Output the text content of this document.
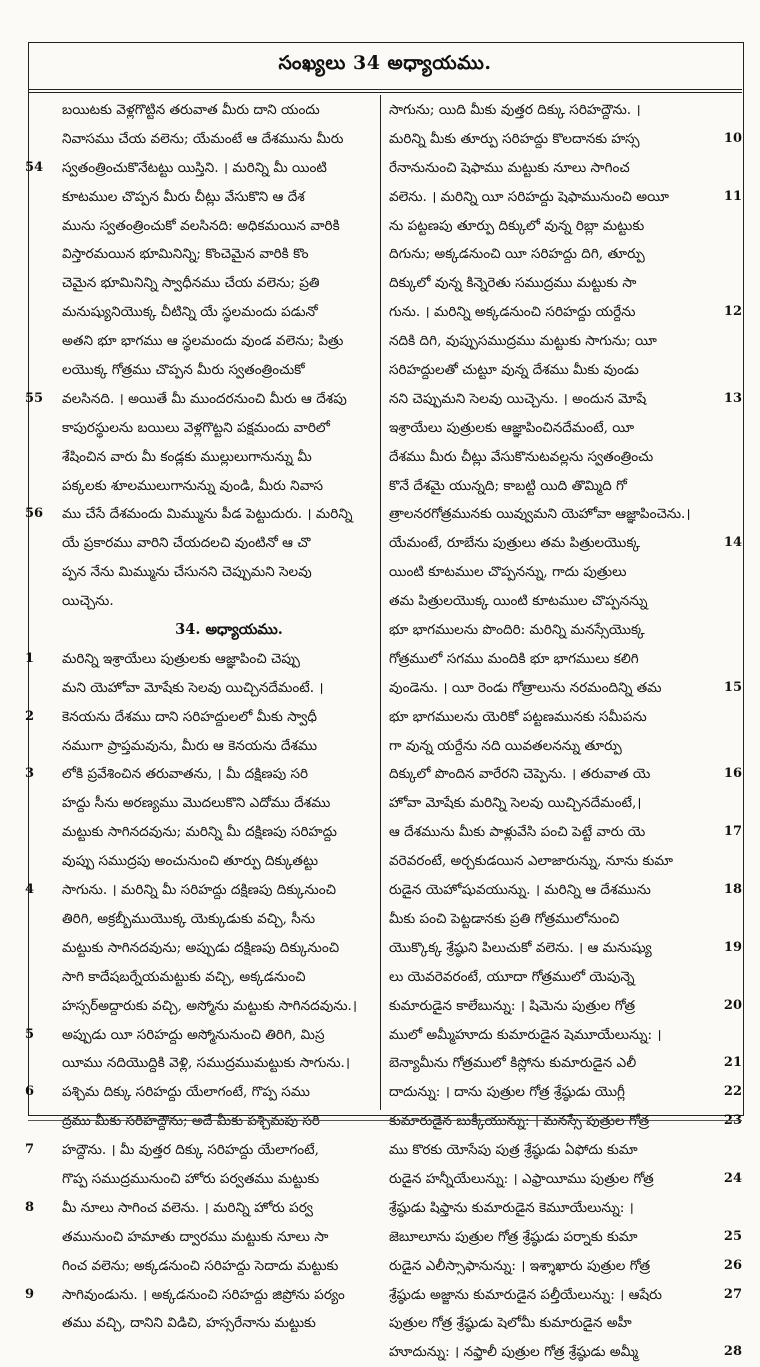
సంఖ్యలు 34 అధ్యాయము.
బయిటకు వెళ్లగొట్టిన తరువాత మీరు దాని యందు
నివాసము చేయ వలెను; యేమంటే ఆ దేశమును మీరు
54	స్వతంత్రించుకొనేటట్టు యిస్తిని. । మరిన్ని మీ యింటి
కూటముల చొప్పన మీరు చీట్లు వేసుకొని ఆ దేశ
మును స్వతంత్రించుకో వలసినది: అధికమయిన వారికి
విస్తారమయిన భూమినిన్ని; కొంచెమైన వారికి కొం
చెమైన భూమినిన్ని స్వాధీనము చేయ వలెను; ప్రతి
మనుష్యునియొక్క చీటిన్ని యే స్థలమందు పడునో
అతని భూ భాగము ఆ స్థలమందు వుండ వలెను; పిత్రు
లయొక్క గోత్రము చొప్పన మీరు స్వతంత్రించుకో
55	వలసినది. । అయితే మీ ముందరనుంచి మీరు ఆ దేశపు
కాపురస్థులను బయిలు వెళ్లగొట్టని పక్షమందు వారిలో
శేషించిన వారు మీ కండ్లకు ముల్లులుగానున్ను మీ
పక్కలకు శూలములుగానున్ను వుండి, మీరు నివాస
56	ము చేసే దేశమందు మిమ్మును పీడ పెట్టుదురు. । మరిన్ని
యే ప్రకారము వారిని చేయదలచి వుంటినో ఆ చొ
ప్పన నేను మిమ్మును చేసునని చెప్పుమని సెలవు
యిచ్చెను.
34. అధ్యాయము.
1	మరిన్ని ఇశ్రాయేలు పుత్రులకు ఆజ్ఞాపించి చెప్పు
మని యెహోవా మోషేకు సెలవు యిచ్చినదేమంటే. ।
2	కెనయను దేశము దాని సరిహద్దులలో మీకు స్వాధీ
నముగా ప్రాప్తమవును, మీరు ఆ కెనయను దేశము
3	లోకి ప్రవేశించిన తరువాతను, । మీ దక్షిణపు సరి
హద్దు సీను అరణ్యము మొదలుకొని ఎదోము దేశము
మట్టుకు సాగినదవును; మరిన్ని మీ దక్షిణపు సరిహద్దు
వుప్పు సముద్రపు అంచునుంచి తూర్పు దిక్కుతట్టు
4	సాగును. । మరిన్ని మీ సరిహద్దు దక్షిణపు దిక్కునుంచి
తిరిగి, అక్రబ్బీముయొక్క యెక్కుడుకు వచ్చి, సీను
మట్టుకు సాగినదవును; అప్పుడు దక్షిణపు దిక్కునుంచి
సాగి కాదేషబర్నేయమట్టుకు వచ్చి, అక్కడనుంచి
హస్సర్అద్దారుకు వచ్చి, అస్మోను మట్టుకు సాగినదవును.।
5	అప్పుడు యీ సరిహద్దు అస్మోనునుంచి తిరిగి, మిస్ర
యీము నదియొద్దికి వెళ్లి, సముద్రముమట్టుకు సాగును.।
6	పశ్చిమ దిక్కు సరిహద్దు యేలాగంటే, గొప్ప సము
ద్రము మీకు సరిహద్దౌను; అదే మీకు పశ్చిమపు సరి
7	హద్దౌను. । మీ వుత్తర దిక్కు సరిహద్దు యేలాగంటే,
గొప్ప సముద్రమునుంచి హోరు పర్వతము మట్టుకు
8	మీ నూలు సాగించ వలెను. । మరిన్ని హోరు పర్వ
తమునుంచి హమాతు ద్వారము మట్టుకు నూలు సా
గించ వలెను; అక్కడనుంచి సరిహద్దు సెదాదు మట్టుకు
9	సాగివుండును. । అక్కడనుంచి సరిహద్దు జిప్రోను పర్యం
తము వచ్చి, దానిని విడిచి, హస్సరేనాను మట్టుకు
సాగును; యిది మీకు వుత్తర దిక్కు సరిహద్దౌను. ।
10
మరిన్ని మీకు తూర్పు సరిహద్దు కొలదానకు హస్స
రేనానునుంచి షెఫాము మట్టుకు నూలు సాగించ
11
వలెను. । మరిన్ని యీ సరిహద్దు షెఫామునుంచి అయీ
ను పట్టణపు తూర్పు దిక్కులో వున్న రిబ్లా మట్టుకు
దిగును; అక్కడనుంచి యీ సరిహద్దు దిగి, తూర్పు
దిక్కులో వున్న కిన్నెరెతు సముద్రము మట్టుకు సా
12
గును. । మరిన్ని అక్కడనుంచి సరిహద్దు యర్దేను
నదికి దిగి, వుప్పుసముద్రము మట్టుకు సాగును; యీ
సరిహద్దులతో చుట్టూ వున్న దేశము మీకు వుండు
13
నని చెప్పుమని సెలవు యిచ్చెను. । అందున మోషే
ఇశ్రాయేలు పుత్రులకు ఆజ్ఞాపించినదేమంటే, యీ
దేశము మీరు చీట్లు వేసుకొనుటవల్లను స్వతంత్రించు
కొనే దేశమై యున్నది; కాబట్టి యిది తొమ్మిది గో
త్రాలనరగోత్రమునకు యివ్వుమని యెహోవా ఆజ్ఞాపించెను.।
14
యేమంటే, రూబేను పుత్రులు తమ పిత్రులయొక్క
యింటి కూటముల చొప్పనన్ను, గాదు పుత్రులు
తమ పిత్రులయొక్క యింటి కూటముల చొప్పనన్ను
భూ భాగములను పొందిరి: మరిన్ని మనస్సేయొక్క
గోత్రములో సగము మందికి భూ భాగములు కలిగి
15
వుండెను. । యీ రెండు గోత్రాలును నరమందిన్ని తమ
భూ భాగములను యెరికో పట్టణమునకు సమీపను
గా వున్న యర్దేను నది యివతలనన్ను తూర్పు
16
దిక్కులో పొందిన వారేరని చెప్పెను. । తరువాత యె
హోవా మోషేకు మరిన్ని సెలవు యిచ్చినదేమంటే,।
17
ఆ దేశమును మీకు పాళ్లువేసి పంచి పెట్టే వారు యె
వరెవరంటే, అర్చకుడయిన ఎలాజారున్ను, నూను కుమా
18
రుడైన యెహోషువయున్ను. । మరిన్ని ఆ దేశమును
మీకు పంచి పెట్టడానకు ప్రతి గోత్రములోనుంచి
19
యొక్కొక్క శ్రేష్ఠుని పిలుచుకో వలెను. । ఆ మనుష్యు
లు యెవరెవరంటే, యూదా గోత్రములో యెపున్నె
20
కుమారుడైన కాలేబున్ను: । షిమెను పుత్రుల గోత్ర
ములో అమ్మీహూదు కుమారుడైన షెమూయేలున్ను: ।
21
బెన్యామీను గోత్రములో కిస్లోను కుమారుడైన ఎలీ
22
దాదున్ను: । దాను పుత్రుల గోత్ర శ్రేష్ఠుడు యొగ్లీ
23
కుమారుడైన బుక్కీయున్ను: । మనస్సే పుత్రుల గోత్ర
ము కొరకు యోసేపు పుత్ర శ్రేష్ఠుడు ఏఫోదు కుమా
24
రుడైన హన్నీయేలున్ను: । ఎఫ్రాయీము పుత్రుల గోత్ర
శ్రేష్ఠుడు షిఫ్తాను కుమారుడైన కెమూయేలున్ను: ।
25
జెబూలూను పుత్రుల గోత్ర శ్రేష్ఠుడు పర్నాకు కుమా
26
రుడైన ఎలీస్సాఫానున్ను: । ఇశ్శాఖారు పుత్రుల గోత్ర
27
శ్రేష్ఠుడు అజ్జాను కుమారుడైన పల్తీయేలున్ను: । ఆషేరు
పుత్రుల గోత్ర శ్రేష్ఠుడు షెలోమీ కుమారుడైన అహీ
28
హూదున్ను: । నఫ్తాలీ పుత్రుల గోత్ర శ్రేష్ఠుడు అమ్మీ
